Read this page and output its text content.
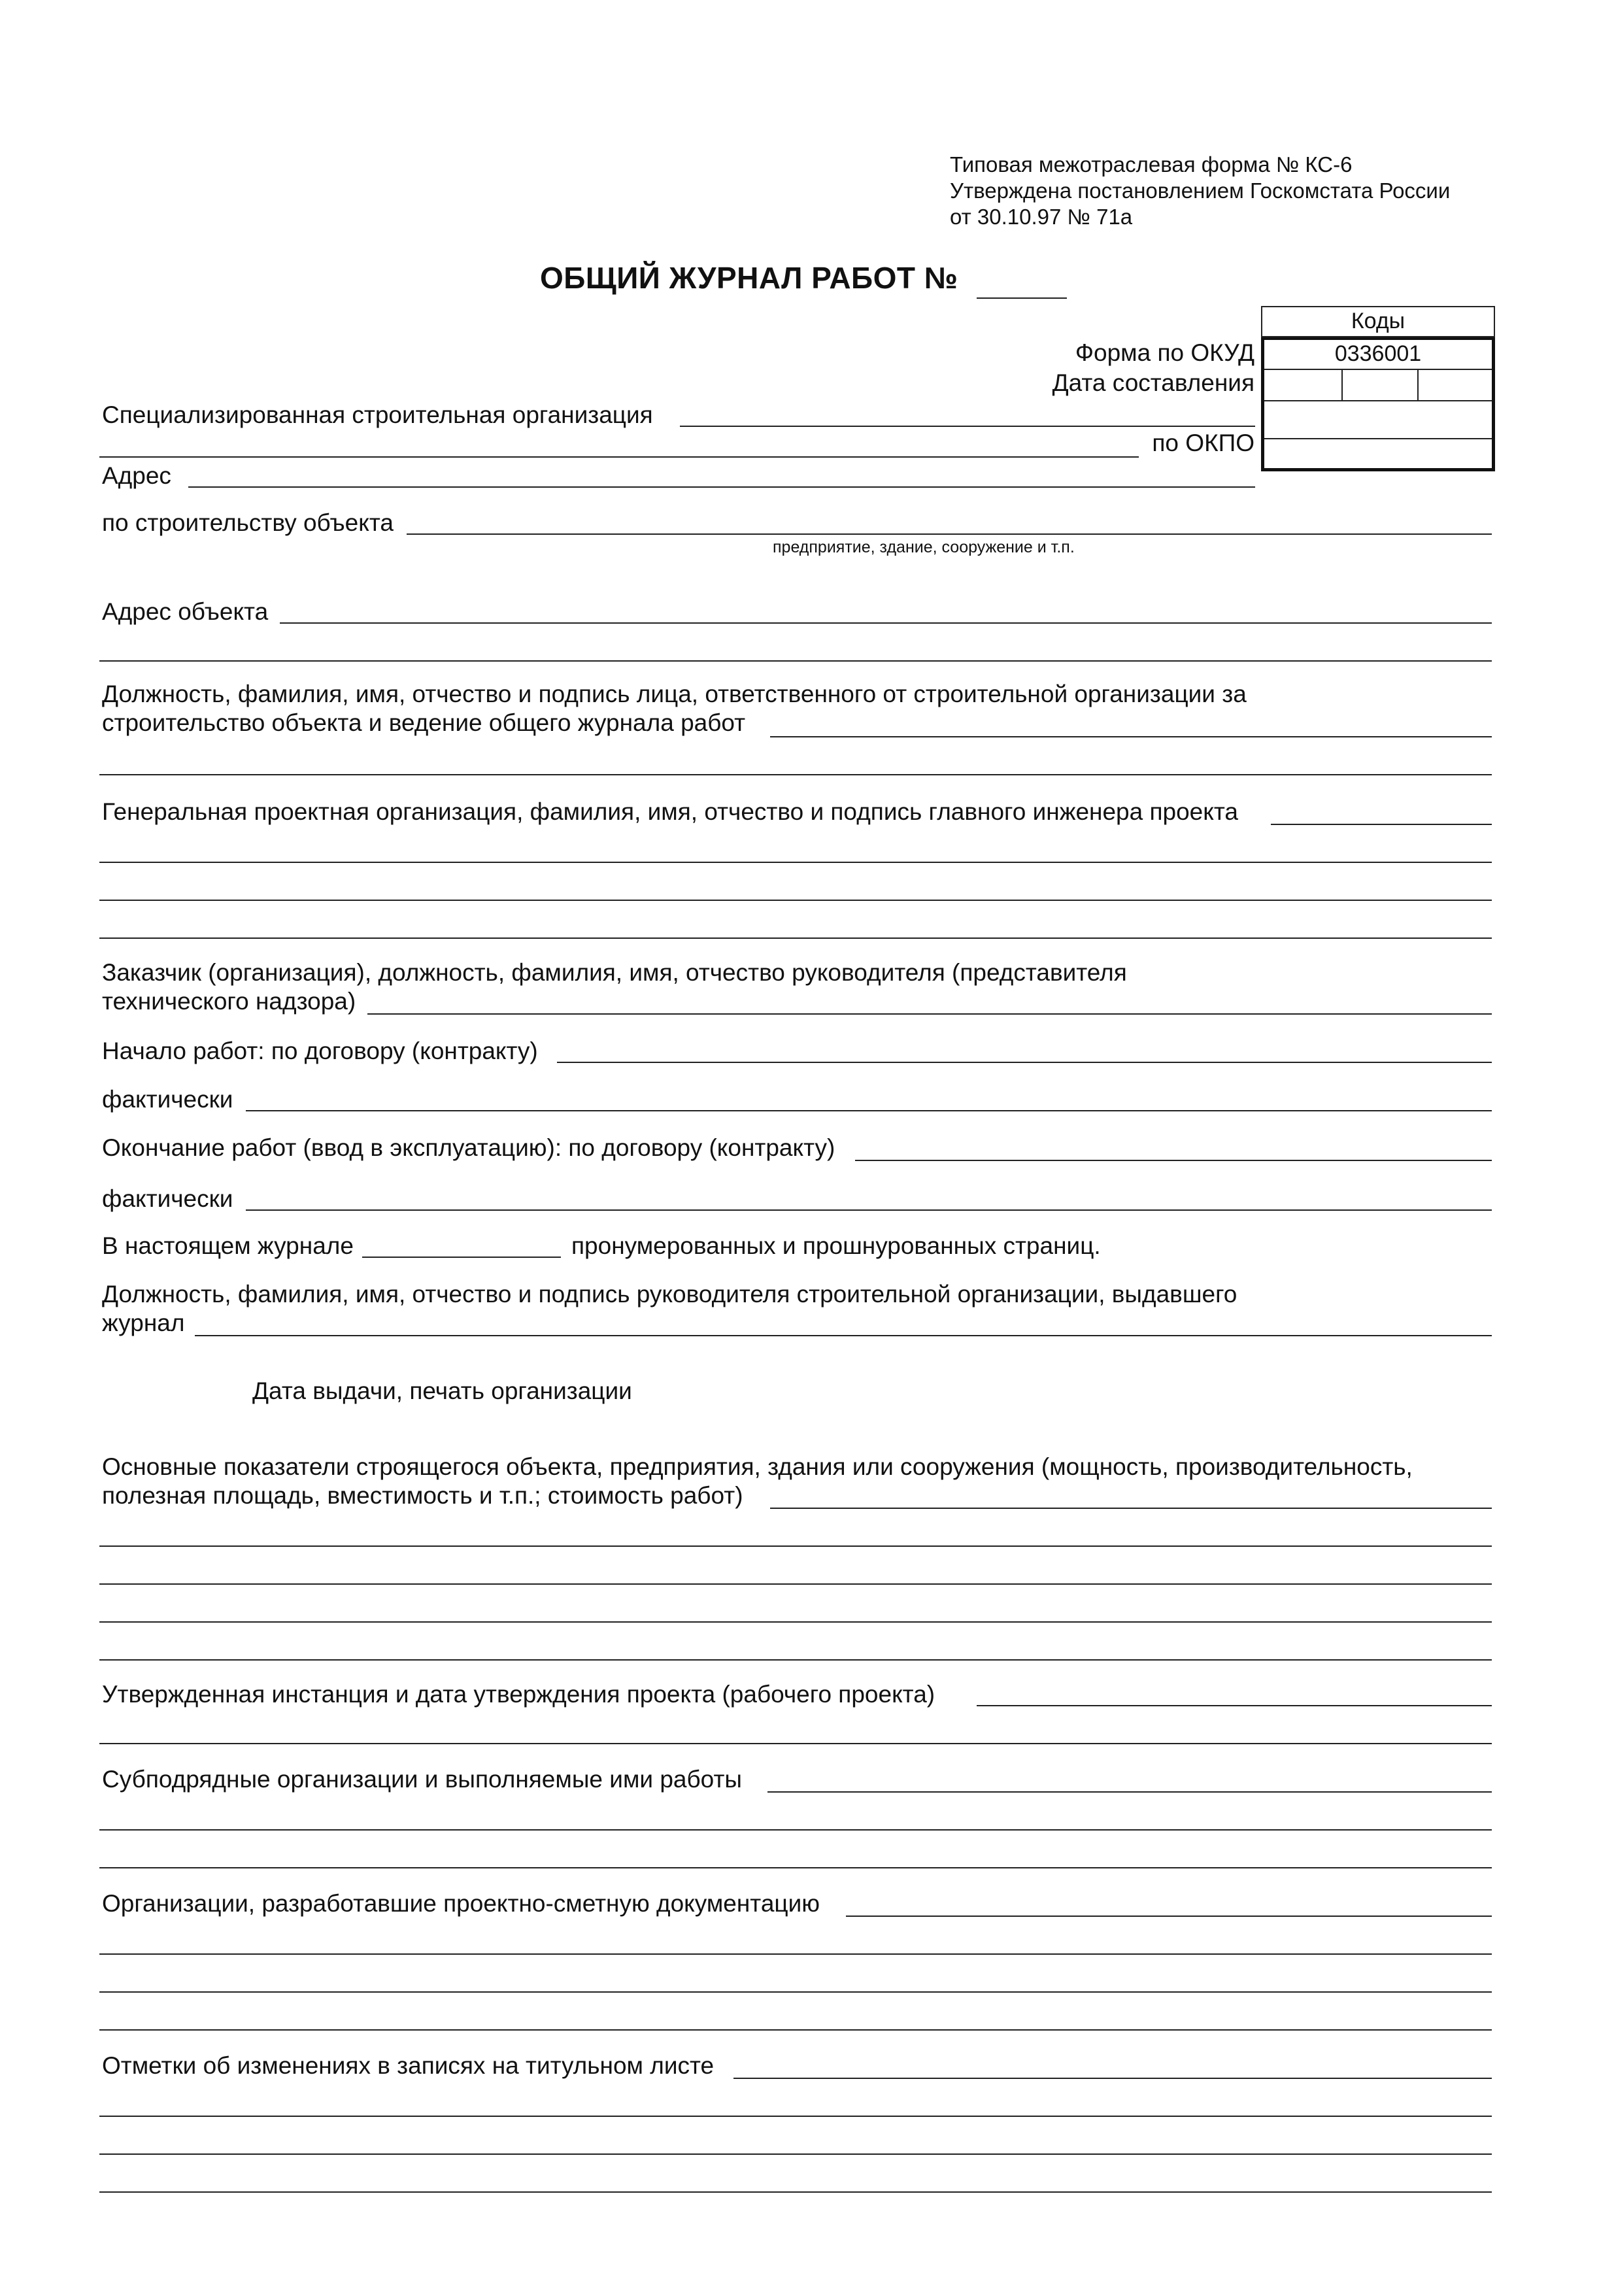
Типовая межотраслевая форма № КС-6
Утверждена постановлением Госкомстата России
от 30.10.97 № 71а
ОБЩИЙ ЖУРНАЛ РАБОТ №
Коды
0336001
Форма по ОКУД
Дата составления
по ОКПО
Специализированная строительная организация
Адрес
по строительству объекта
предприятие, здание, сооружение и т.п.
Адрес объекта
Должность, фамилия, имя, отчество и подпись лица, ответственного от строительной организации за
строительство объекта и ведение общего журнала работ
Генеральная проектная организация, фамилия, имя, отчество и подпись главного инженера проекта
Заказчик (организация), должность, фамилия, имя, отчество руководителя (представителя
технического надзора)
Начало работ: по договору (контракту)
фактически
Окончание работ (ввод в эксплуатацию): по договору (контракту)
фактически
В настоящем журнале	пронумерованных и прошнурованных страниц.
Должность, фамилия, имя, отчество и подпись руководителя строительной организации, выдавшего
журнал
Дата выдачи, печать организации
Основные показатели строящегося объекта, предприятия, здания или сооружения (мощность, производительность,
полезная площадь, вместимость и т.п.; стоимость работ)
Утвержденная инстанция и дата утверждения проекта (рабочего проекта)
Субподрядные организации и выполняемые ими работы
Организации, разработавшие проектно-сметную документацию
Отметки об изменениях в записях на титульном листе
